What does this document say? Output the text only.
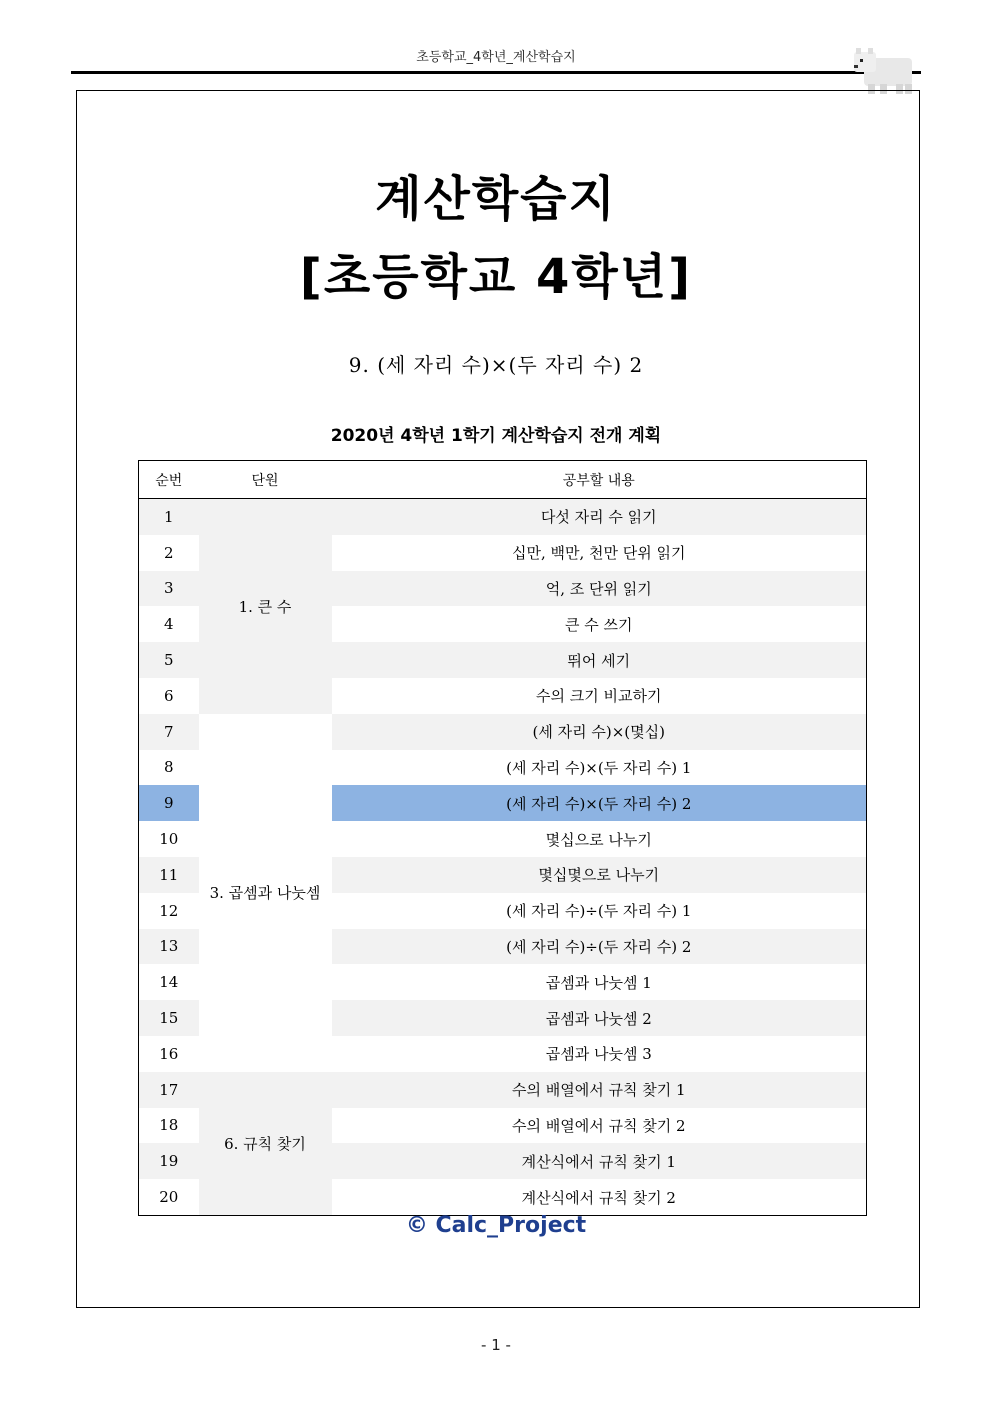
초등학교_4학년_계산학습지
계산학습지
[초등학교 4학년]
9. (세 자리 수)×(두 자리 수) 2
2020년 4학년 1학기 계산학습지 전개 계획
순번	단원	공부할 내용
1	1. 큰 수	다섯 자리 수 읽기
2		십만, 백만, 천만 단위 읽기
3		억, 조 단위 읽기
4		큰 수 쓰기
5		뛰어 세기
6		수의 크기 비교하기
7	3. 곱셈과 나눗셈	(세 자리 수)×(몇십)
8		(세 자리 수)×(두 자리 수) 1
9		(세 자리 수)×(두 자리 수) 2
10		몇십으로 나누기
11		몇십몇으로 나누기
12		(세 자리 수)÷(두 자리 수) 1
13		(세 자리 수)÷(두 자리 수) 2
14		곱셈과 나눗셈 1
15		곱셈과 나눗셈 2
16		곱셈과 나눗셈 3
17	6. 규칙 찾기	수의 배열에서 규칙 찾기 1
18		수의 배열에서 규칙 찾기 2
19		계산식에서 규칙 찾기 1
20		계산식에서 규칙 찾기 2
© Calc_Project
- 1 -
